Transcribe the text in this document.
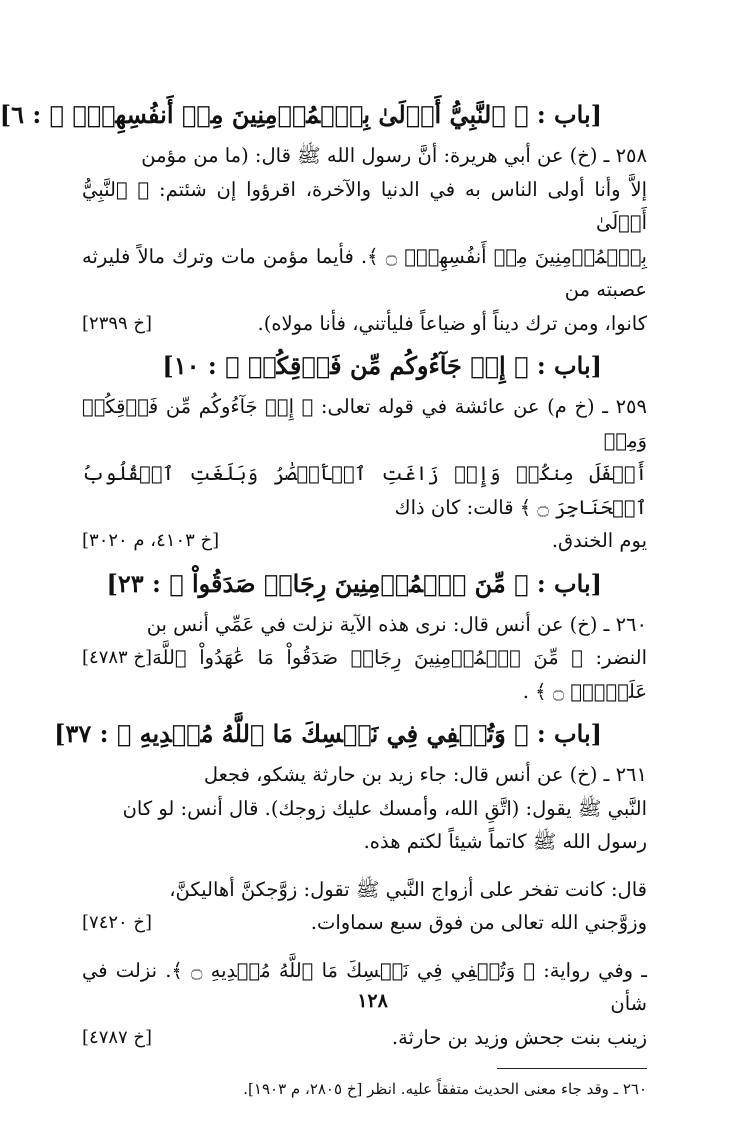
[باب : ﴿ ٱلنَّبِيُّ أَوۡلَىٰ بِٱلۡمُؤۡمِنِينَ مِنۡ أَنفُسِهِمۡۖ ﴾ : ٦]

٢٥٨ ـ (خ) عن أبي هريرة: أنَّ رسول الله ﷺ قال: (ما من مؤمن
إلاَّ وأنا أولى الناس به في الدنيا والآخرة، اقرؤوا إن شئتم: ﴿ ٱلنَّبِيُّ أَوۡلَىٰ
بِٱلۡمُؤۡمِنِينَ مِنۡ أَنفُسِهِمۡۖ ۝ ﴾. فأيما مؤمن مات وترك مالاً فليرثه عصبته من
[خ ٢٣٩٩]	كانوا، ومن ترك ديناً أو ضياعاً فليأتني، فأنا مولاه).

[باب : ﴿ إِذۡ جَآءُوكُم مِّن فَوۡقِكُمۡ ﴾ : ١٠]

٢٥٩ ـ (خ م) عن عائشة في قوله تعالى: ﴿ إِذۡ جَآءُوكُم مِّن فَوۡقِكُمۡ وَمِنۡ
أَسۡفَلَ مِنكُمۡ وَإِذۡ زَاغَتِ ٱلۡأَبۡصَٰرُ وَبَلَغَتِ ٱلۡقُلُوبُ ٱلۡحَنَاجِرَ ۝ ﴾ قالت: كان ذاك
[خ ٤١٠٣، م ٣٠٢٠]	يوم الخندق.

[باب : ﴿ مِّنَ ٱلۡمُؤۡمِنِينَ رِجَالٞ صَدَقُواْ ﴾ : ٢٣]

٢٦٠ ـ (خ) عن أنس قال: نرى هذه الآية نزلت في عَمِّي أنس بن
[خ ٤٧٨٣] النضر: ﴿ مِّنَ ٱلۡمُؤۡمِنِينَ رِجَالٞ صَدَقُواْ مَا عَٰهَدُواْ ٱللَّهَ عَلَيۡهِۖ ۝ ﴾ .

[باب : ﴿ وَتُخۡفِي فِي نَفۡسِكَ مَا ٱللَّهُ مُبۡدِيهِ ﴾ : ٣٧]

٢٦١ ـ (خ) عن أنس قال: جاء زيد بن حارثة يشكو، فجعل
النَّبي ﷺ يقول: (اتَّقِ الله، وأمسك عليك زوجك). قال أنس: لو كان
رسول الله ﷺ كاتماً شيئاً لكتم هذه.

قال: كانت تفخر على أزواج النَّبي ﷺ تقول: زوَّجكنَّ أهاليكنَّ،
[خ ٧٤٢٠]	وزوَّجني الله تعالى من فوق سبع سماوات.

ـ وفي رواية: ﴿ وَتُخۡفِي فِي نَفۡسِكَ مَا ٱللَّهُ مُبۡدِيهِ ۝ ﴾. نزلت في شأن
[خ ٤٧٨٧]	زينب بنت جحش وزيد بن حارثة.

٢٦٠ ـ وقد جاء معنى الحديث متفقاً عليه. انظر [خ ٢٨٠٥، م ١٩٠٣].
١٢٨
